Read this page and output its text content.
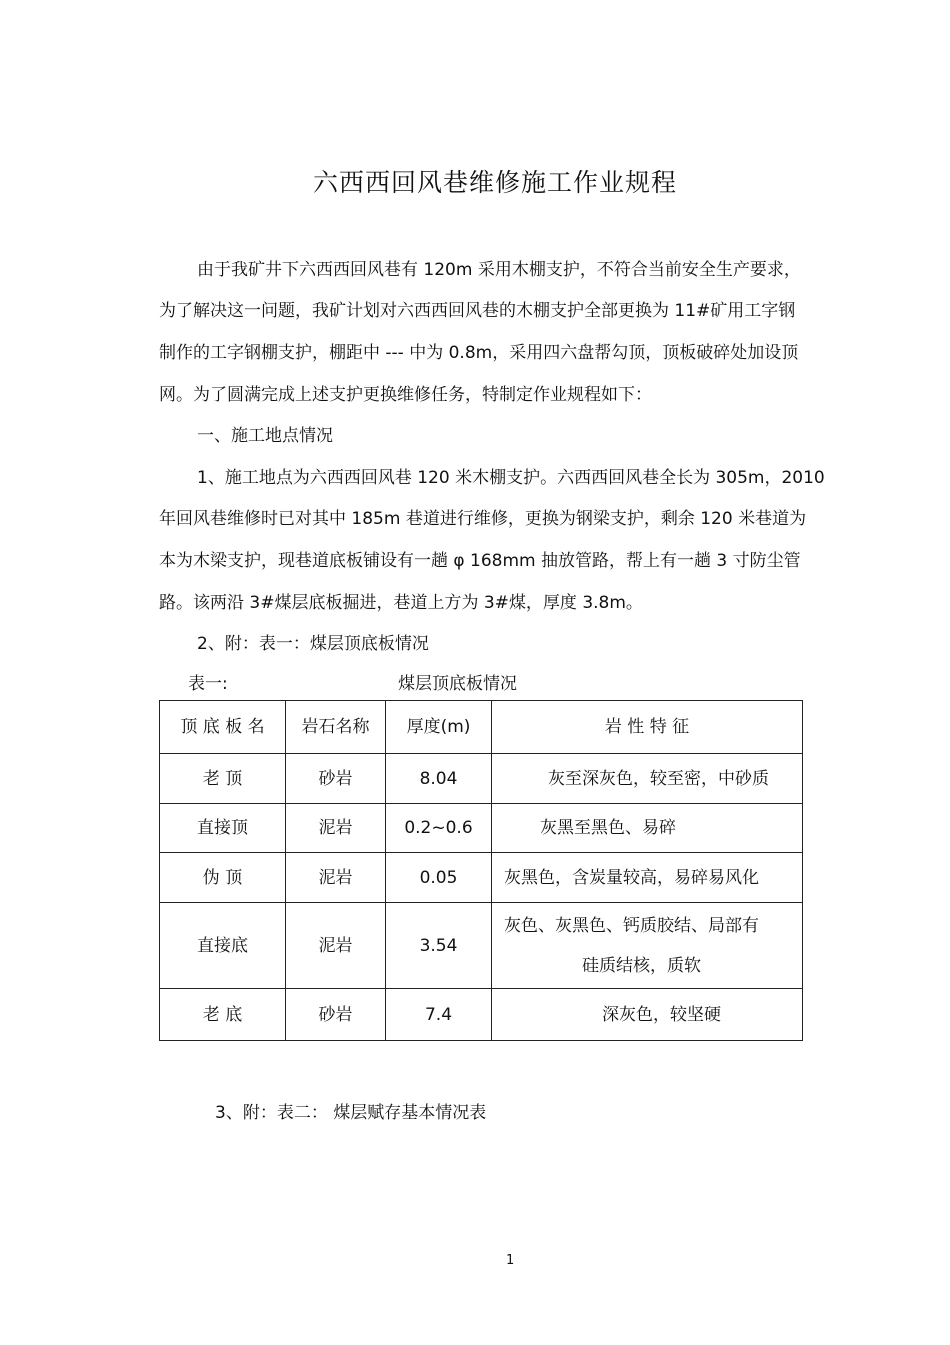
六西西回风巷维修施工作业规程
由于我矿井下六西西回风巷有 120m 采用木棚支护，不符合当前安全生产要求，
为了解决这一问题，我矿计划对六西西回风巷的木棚支护全部更换为 11#矿用工字钢
制作的工字钢棚支护，棚距中 --- 中为 0.8m，采用四六盘帮勾顶，顶板破碎处加设顶
网。为了圆满完成上述支护更换维修任务，特制定作业规程如下：
一、施工地点情况
1、施工地点为六西西回风巷 120 米木棚支护。六西西回风巷全长为 305m，2010
年回风巷维修时已对其中 185m 巷道进行维修，更换为钢梁支护，剩余 120 米巷道为
本为木梁支护，现巷道底板铺设有一趟 φ 168mm 抽放管路，帮上有一趟 3 寸防尘管
路。该两沿 3#煤层底板掘进，巷道上方为 3#煤，厚度 3.8m。
2、附：表一：煤层顶底板情况
表一:	煤层顶底板情况
顶 底 板 名	岩石名称	厚度(m)	岩 性 特 征
老 顶	砂岩	8.04	灰至深灰色，较至密，中砂质
直接顶	泥岩	0.2~0.6	灰黑至黑色、易碎
伪 顶	泥岩	0.05	灰黑色，含炭量较高，易碎易风化
直接底	泥岩	3.54	灰色、灰黑色、钙质胶结、局部有
硅质结核，质软

老 底	砂岩	7.4	深灰色，较坚硬
3、附：表二： 煤层赋存基本情况表
1
